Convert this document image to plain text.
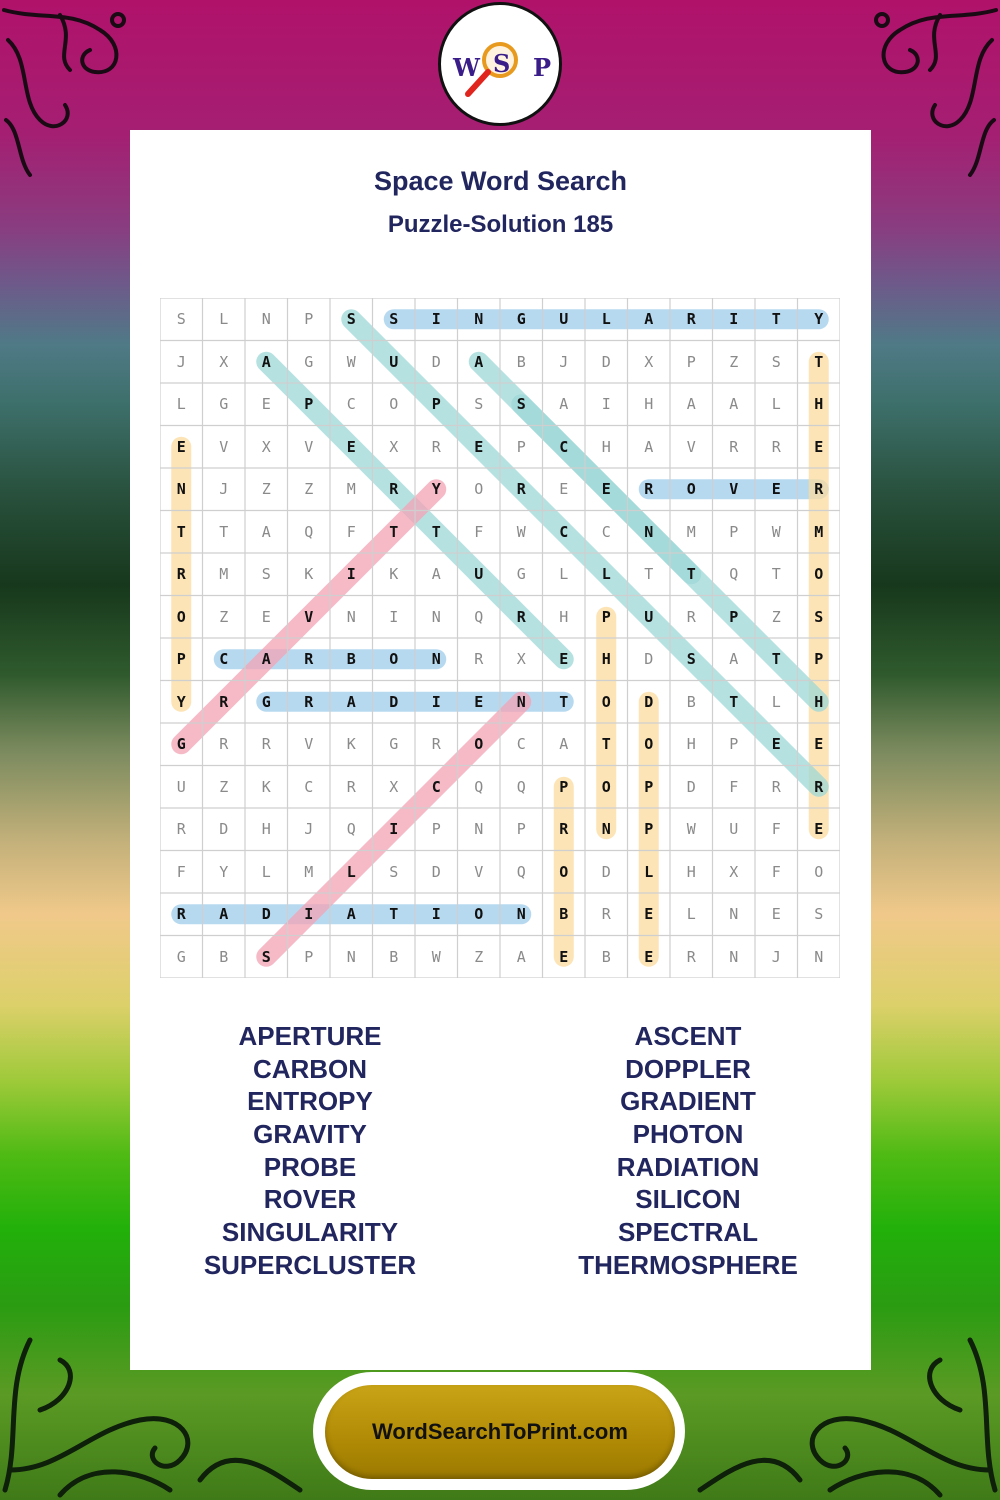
W S P
Space Word Search
Puzzle-Solution 185
S	L	N	P	S	S	I	N	G	U	L	A	R	I	T	Y
J	X	A	G	W	U	D	A	B	J	D	X	P	Z	S	T
L	G	E	P	C	O	P	S	S	A	I	H	A	A	L	H
E	V	X	V	E	X	R	E	P	C	H	A	V	R	R	E
N	J	Z	Z	M	R	Y	O	R	E	E	R	O	V	E	R
T	T	A	Q	F	T	T	F	W	C	C	N	M	P	W	M
R	M	S	K	I	K	A	U	G	L	L	T	T	Q	T	O
O	Z	E	V	N	I	N	Q	R	H	P	U	R	P	Z	S
P	C	A	R	B	O	N	R	X	E	H	D	S	A	T	P
Y	R	G	R	A	D	I	E	N	T	O	D	B	T	L	H
G	R	R	V	K	G	R	O	C	A	T	O	H	P	E	E
U	Z	K	C	R	X	C	Q	Q	P	O	P	D	F	R	R
R	D	H	J	Q	I	P	N	P	R	N	P	W	U	F	E
F	Y	L	M	L	S	D	V	Q	O	D	L	H	X	F	O
R	A	D	I	A	T	I	O	N	B	R	E	L	N	E	S
G	B	S	P	N	B	W	Z	A	E	B	E	R	N	J	N
APERTURE
CARBON
ENTROPY
GRAVITY
PROBE
ROVER
SINGULARITY
SUPERCLUSTER
ASCENT
DOPPLER
GRADIENT
PHOTON
RADIATION
SILICON
SPECTRAL
THERMOSPHERE
WordSearchToPrint.com
